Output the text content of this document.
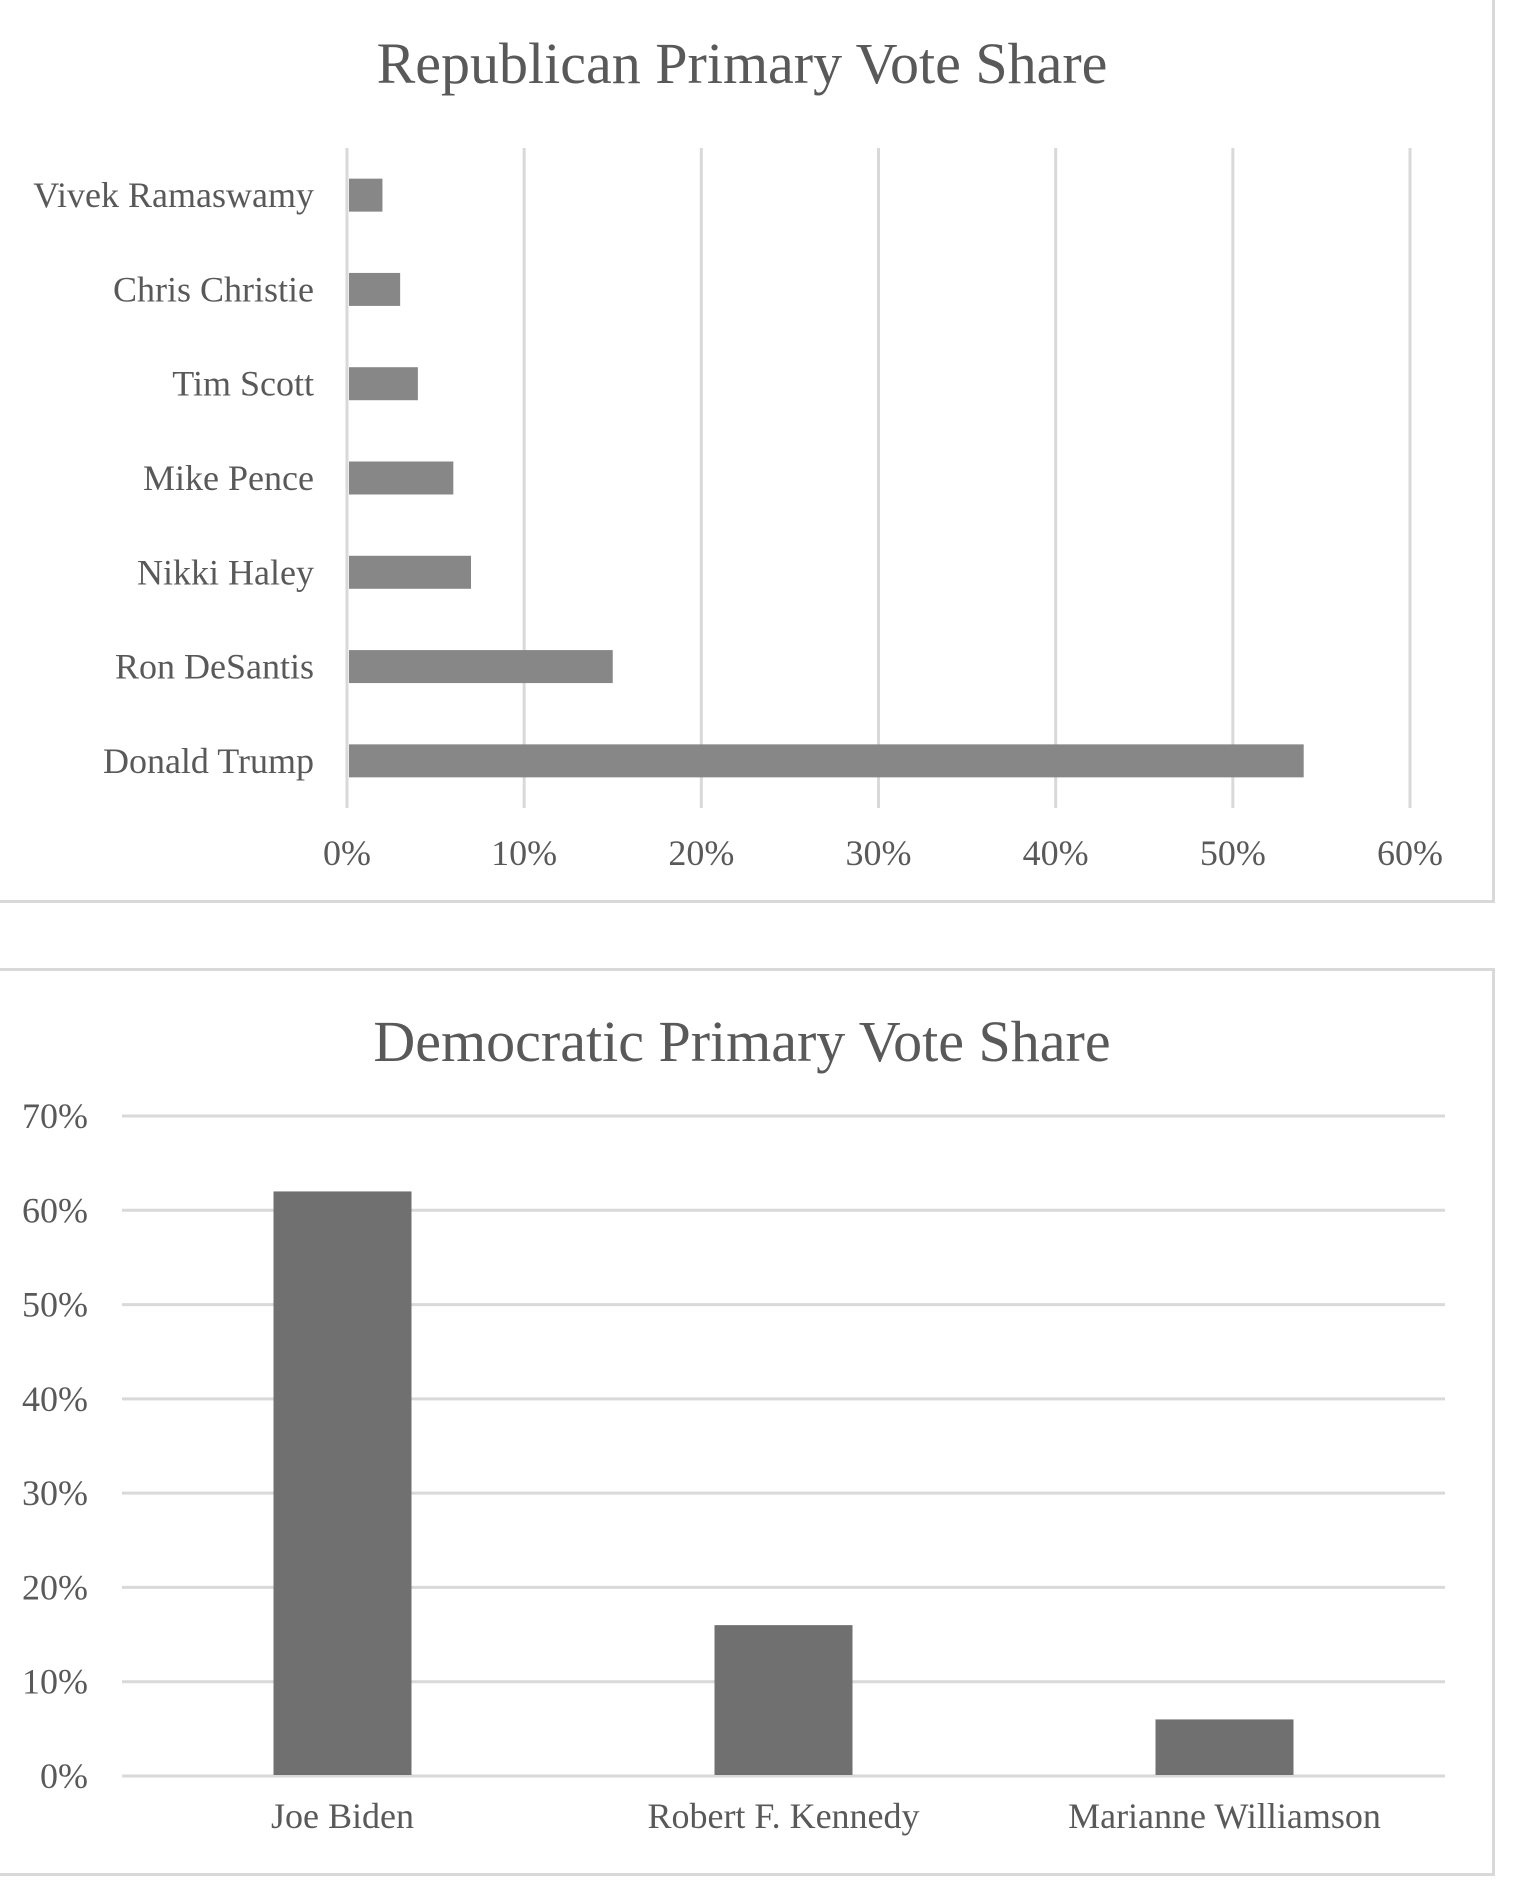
Republican Primary Vote Share
Vivek Ramaswamy
Chris Christie
Tim Scott
Mike Pence
Nikki Haley
Ron DeSantis
Donald Trump
0%	10%	20%	30%	40%	50%	60%
Democratic Primary Vote Share
Joe Biden	Robert F. Kennedy	Marianne Williamson
0%
10%
20%
30%
40%
50%
60%
70%
